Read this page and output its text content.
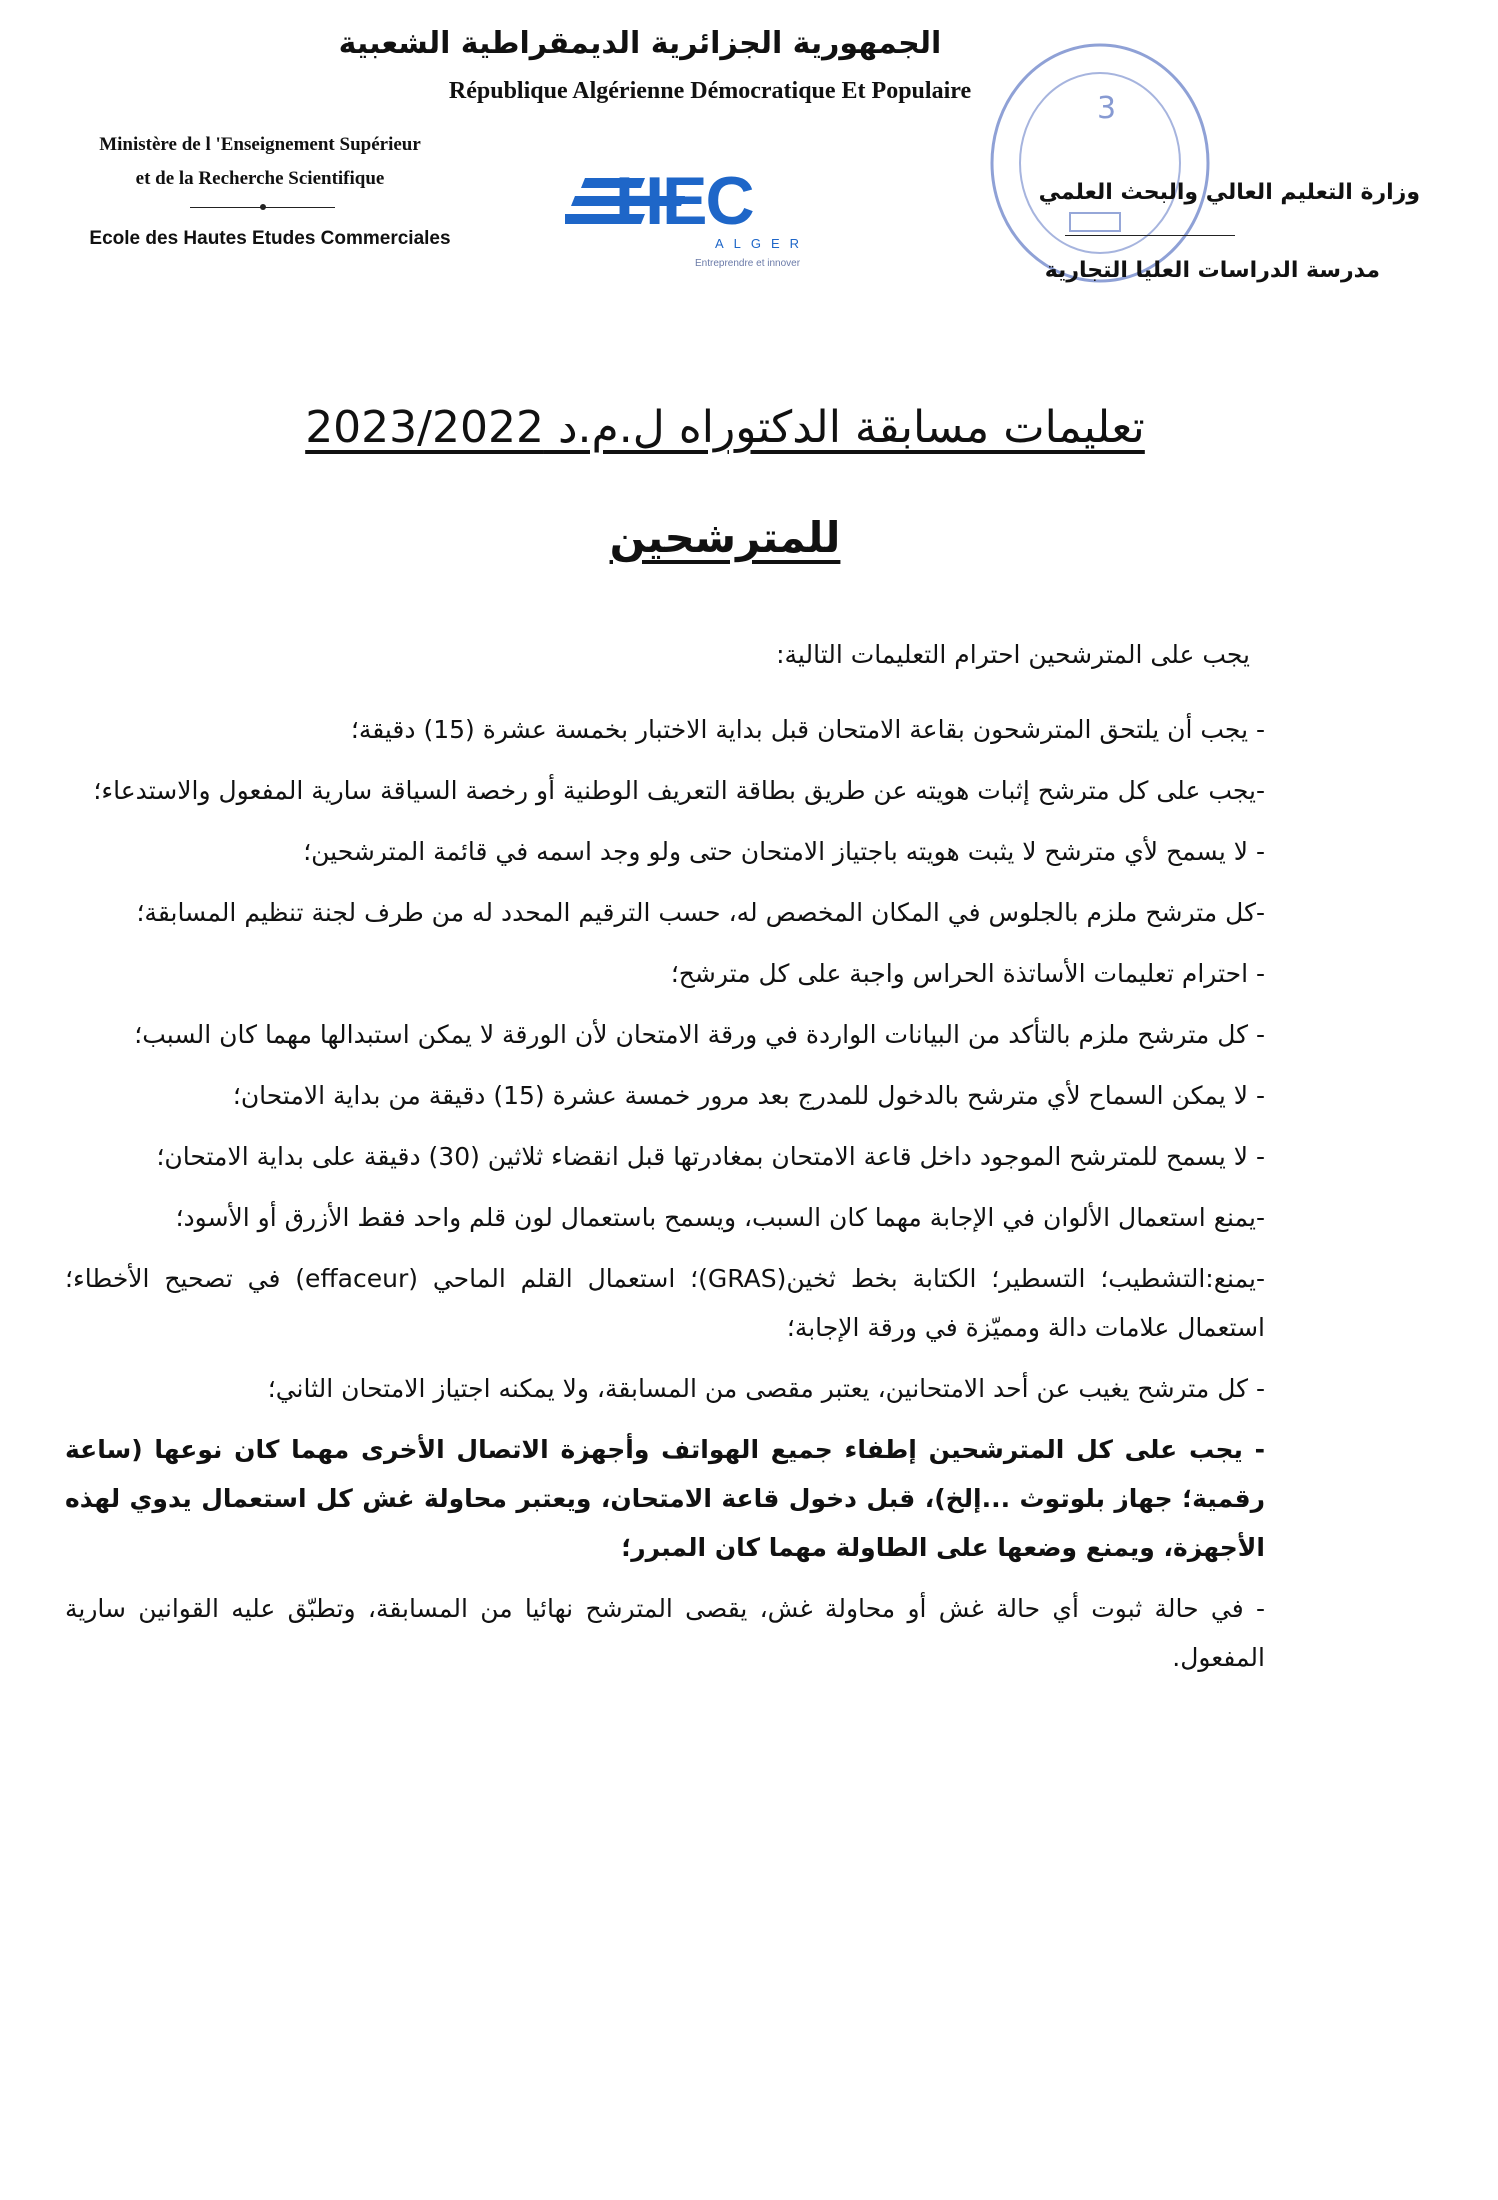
الجمهورية الجزائرية الديمقراطية الشعبية
République Algérienne Démocratique Et Populaire
Ministère de l 'Enseignement Supérieur
et de la Recherche Scientifique
Ecole des Hautes Etudes Commerciales	HEC
ALGER
Entreprendre et innover
3
وزارة التعليم العالي والبحث العلمي
مدرسة الدراسات العليا التجارية
تعليمات مسابقة الدكتوراه ل.م.د 2023/2022
للمترشحين
يجب على المترشحين احترام التعليمات التالية:

- يجب أن يلتحق المترشحون بقاعة الامتحان قبل بداية الاختبار بخمسة عشرة (15) دقيقة؛

-يجب على كل مترشح إثبات هويته عن طريق بطاقة التعريف الوطنية أو رخصة السياقة سارية المفعول والاستدعاء؛

- لا يسمح لأي مترشح لا يثبت هويته باجتياز الامتحان حتى ولو وجد اسمه في قائمة المترشحين؛

-كل مترشح ملزم بالجلوس في المكان المخصص له، حسب الترقيم المحدد له من طرف لجنة تنظيم المسابقة؛

- احترام تعليمات الأساتذة الحراس واجبة على كل مترشح؛

- كل مترشح ملزم بالتأكد من البيانات الواردة في ورقة الامتحان لأن الورقة لا يمكن استبدالها مهما كان السبب؛

- لا يمكن السماح لأي مترشح بالدخول للمدرج بعد مرور خمسة عشرة (15) دقيقة من بداية الامتحان؛

- لا يسمح للمترشح الموجود داخل قاعة الامتحان بمغادرتها قبل انقضاء ثلاثين (30) دقيقة على بداية الامتحان؛

-يمنع استعمال الألوان في الإجابة مهما كان السبب، ويسمح باستعمال لون قلم واحد فقط الأزرق أو الأسود؛

-يمنع:التشطيب؛ التسطير؛ الكتابة بخط ثخين(GRAS)؛ استعمال القلم الماحي (effaceur) في تصحيح الأخطاء؛ استعمال علامات دالة ومميّزة في ورقة الإجابة؛

- كل مترشح يغيب عن أحد الامتحانين، يعتبر مقصى من المسابقة، ولا يمكنه اجتياز الامتحان الثاني؛

- يجب على كل المترشحين إطفاء جميع الهواتف وأجهزة الاتصال الأخرى مهما كان نوعها (ساعة رقمية؛ جهاز بلوتوث ...إلخ)، قبل دخول قاعة الامتحان، ويعتبر محاولة غش كل استعمال يدوي لهذه الأجهزة، ويمنع وضعها على الطاولة مهما كان المبرر؛

- في حالة ثبوت أي حالة غش أو محاولة غش، يقصى المترشح نهائيا من المسابقة، وتطبّق عليه القوانين سارية المفعول.
